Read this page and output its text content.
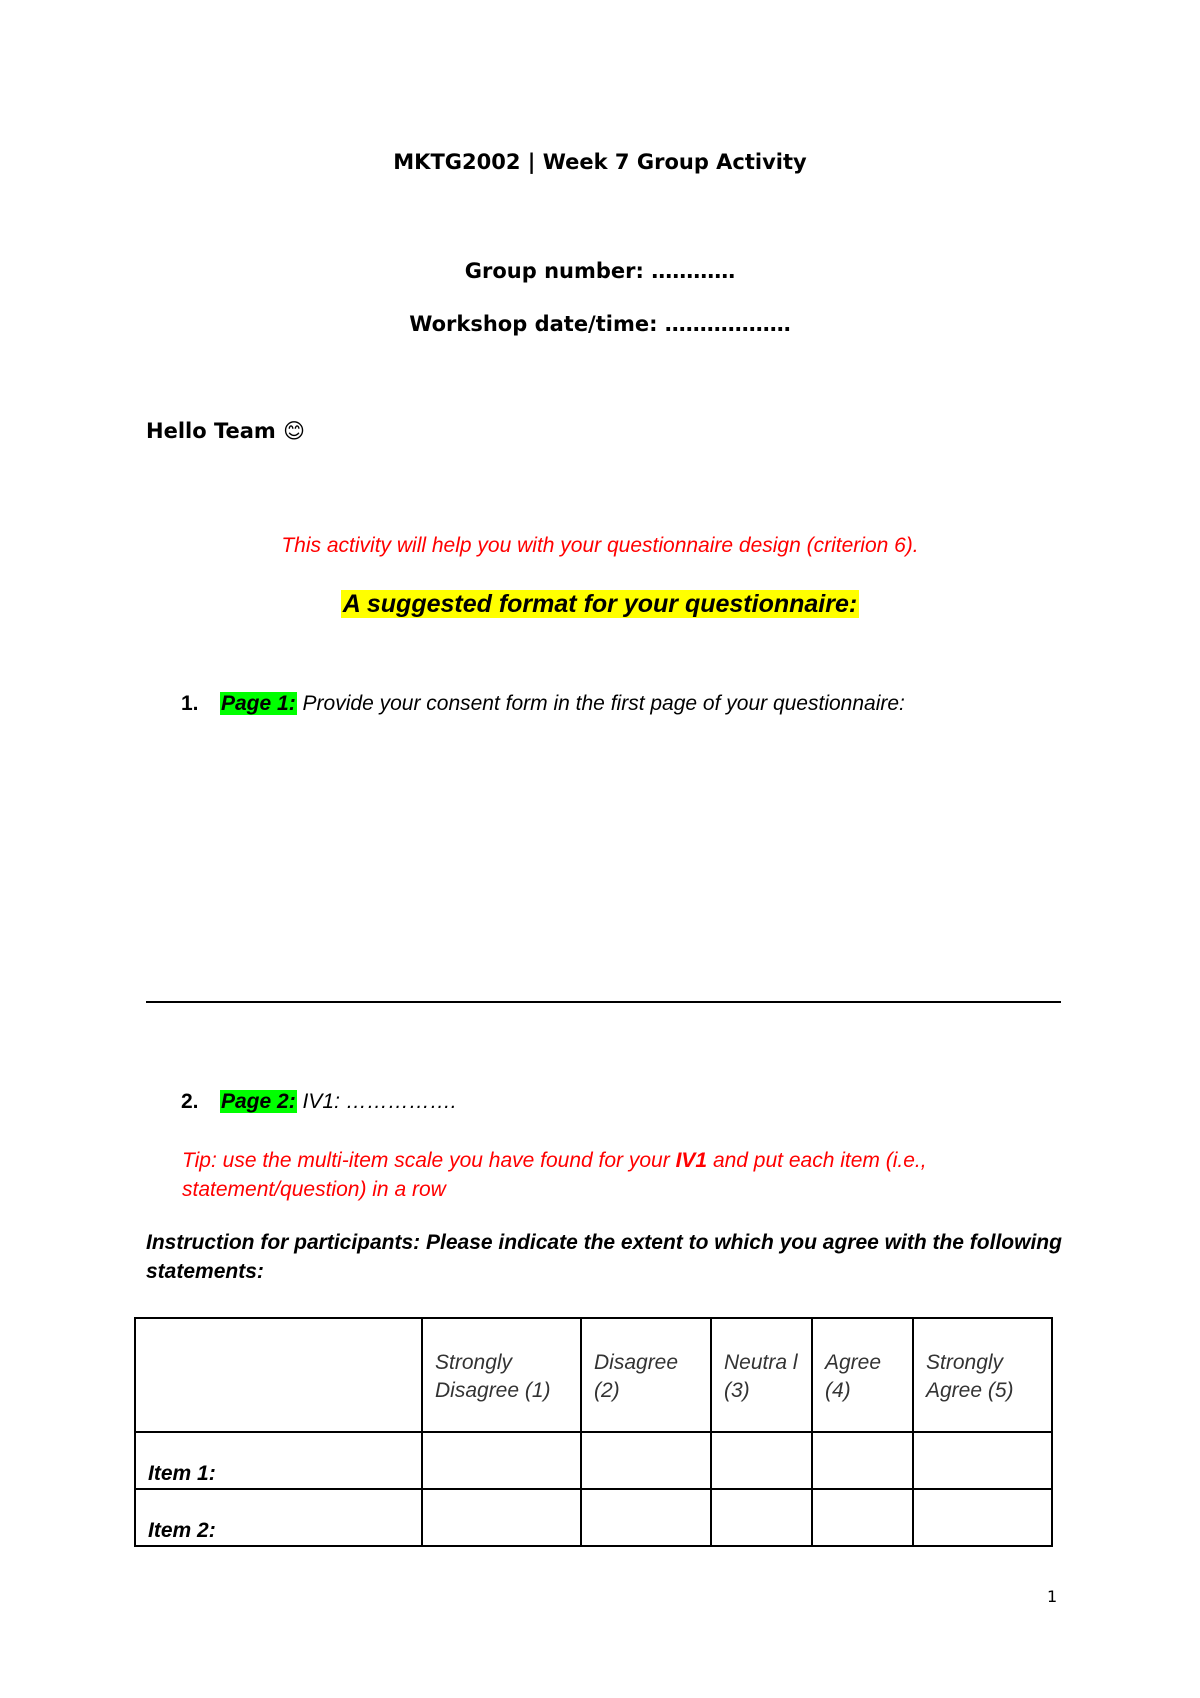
MKTG2002 | Week 7 Group Activity
Group number: …………
Workshop date/time: ………………
Hello Team 😊
This activity will help you with your questionnaire design (criterion 6).
A suggested format for your questionnaire:
1. Page 1: Provide your consent form in the first page of your questionnaire:
2. Page 2: IV1: …………….
Tip: use the multi-item scale you have found for your IV1 and put each item (i.e., statement/question) in a row
Instruction for participants: Please indicate the extent to which you agree with the following statements:

	Strongly Disagree (1)	Disagree (2)	Neutra l (3)	Agree (4)	Strongly Agree (5)

Item 1:					

Item 2:					

1
